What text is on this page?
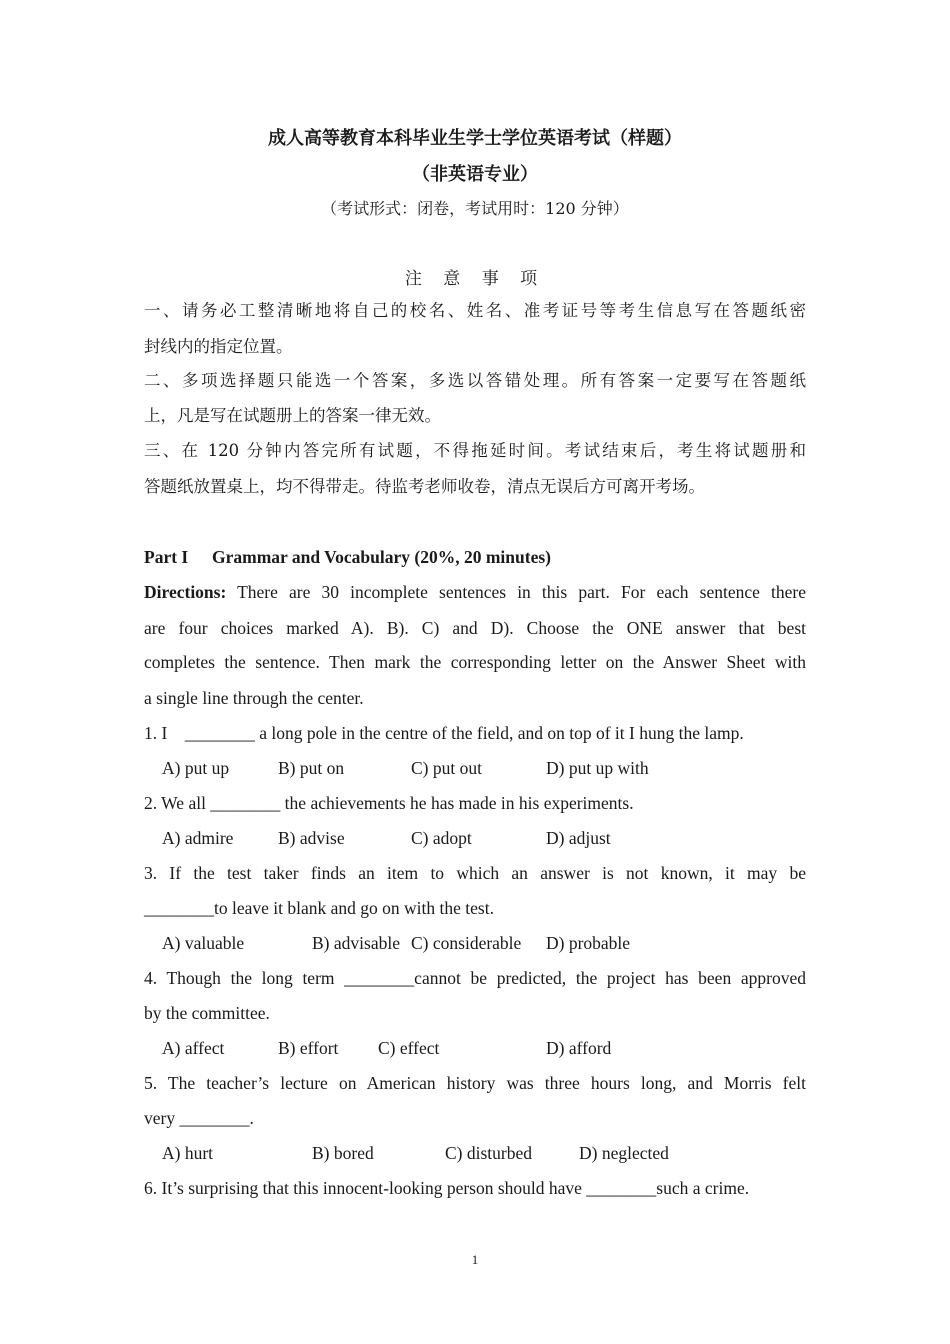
成人高等教育本科毕业生学士学位英语考试（样题）
（非英语专业）
（考试形式：闭卷，考试用时：120 分钟）
注 意 事 项
一、请务必工整清晰地将自己的校名、姓名、准考证号等考生信息写在答题纸密
封线内的指定位置。
二、多项选择题只能选一个答案，多选以答错处理。所有答案一定要写在答题纸
上，凡是写在试题册上的答案一律无效。
三、在 120 分钟内答完所有试题，不得拖延时间。考试结束后，考生将试题册和
答题纸放置桌上，均不得带走。待监考老师收卷，清点无误后方可离开考场。
Part I Grammar and Vocabulary (20%, 20 minutes)
Directions: There are 30 incomplete sentences in this part. For each sentence there
are four choices marked A). B). C) and D). Choose the ONE answer that best
completes the sentence. Then mark the corresponding letter on the Answer Sheet with
a single line through the center.
1. I    ________ a long pole in the centre of the field, and on top of it I hung the lamp.
A) put up	B) put on	C) put out	D) put up with
2. We all ________ the achievements he has made in his experiments.
A) admire	B) advise	C) adopt	D) adjust
3. If the test taker finds an item to which an answer is not known, it may be
________to leave it blank and go on with the test.
A) valuable	B) advisable C) considerable D) probable
4. Though the long term ________cannot be predicted, the project has been approved
by the committee.
A) affect	B) effort C) effect	D) afford
5. The teacher’s lecture on American history was three hours long, and Morris felt
very ________.
A) hurt	B) bored	C) disturbed	D) neglected
6. It’s surprising that this innocent-looking person should have ________such a crime.
1
